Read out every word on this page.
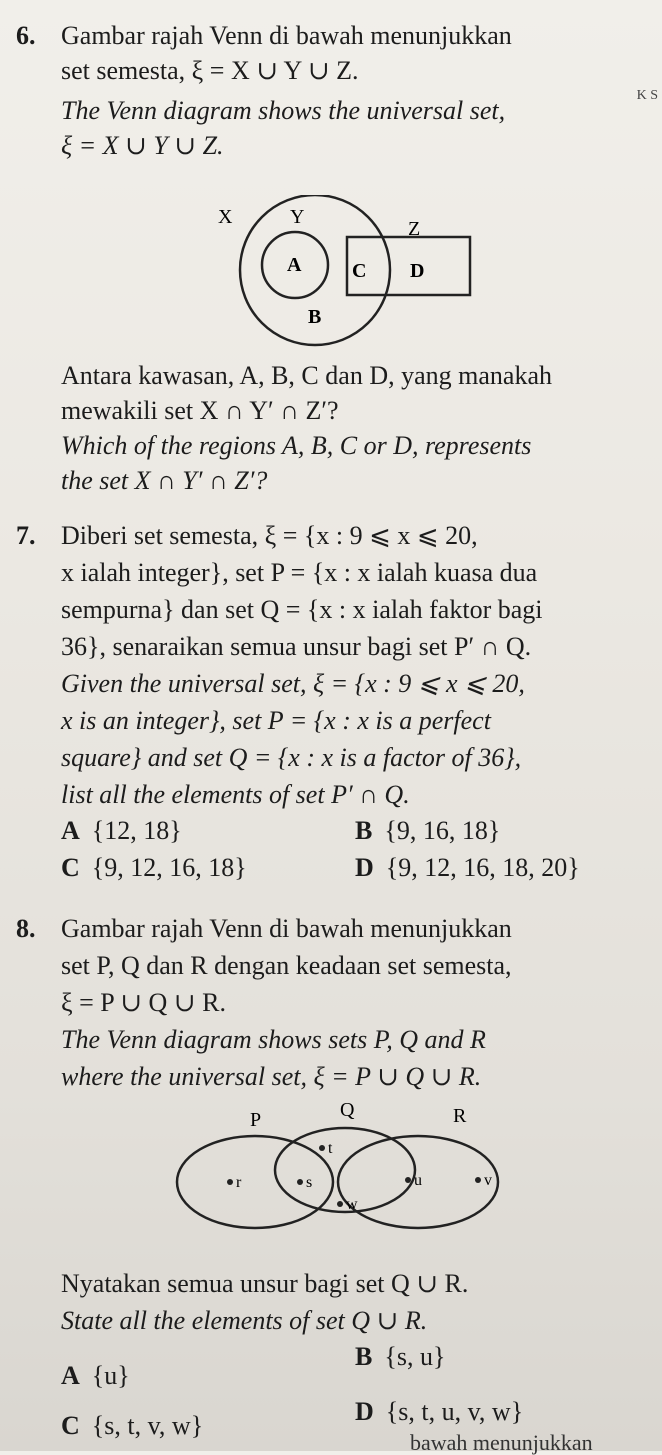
K S
6. Gambar rajah Venn di bawah menunjukkan
set semesta, ξ = X ∪ Y ∪ Z.
The Venn diagram shows the universal set,
ξ = X ∪ Y ∪ Z.
X	Y
Z
A
B
C D
Antara kawasan, A, B, C dan D, yang manakah
mewakili set X ∩ Y′ ∩ Z′?
Which of the regions A, B, C or D, represents
the set X ∩ Y′ ∩ Z′?
7. Diberi set semesta, ξ = {x : 9 ⩽ x ⩽ 20,
x ialah integer}, set P = {x : x ialah kuasa dua
sempurna} dan set Q = {x : x ialah faktor bagi
36}, senaraikan semua unsur bagi set P′ ∩ Q.
Given the universal set, ξ = {x : 9 ⩽ x ⩽ 20,
x is an integer}, set P = {x : x is a perfect
square} and set Q = {x : x is a factor of 36},
list all the elements of set P′ ∩ Q.
A {12, 18}	B {9, 16, 18}
C {9, 12, 16, 18}	D {9, 12, 16, 18, 20}
8. Gambar rajah Venn di bawah menunjukkan
set P, Q dan R dengan keadaan set semesta,
ξ = P ∪ Q ∪ R.
The Venn diagram shows sets P, Q and R
where the universal set, ξ = P ∪ Q ∪ R.
P	Q	R
t
r	s	u	v
w
Nyatakan semua unsur bagi set Q ∪ R.
State all the elements of set Q ∪ R.
B {s, u}
A {u}
D {s, t, u, v, w}
C {s, t, v, w}
bawah menunjukkan
